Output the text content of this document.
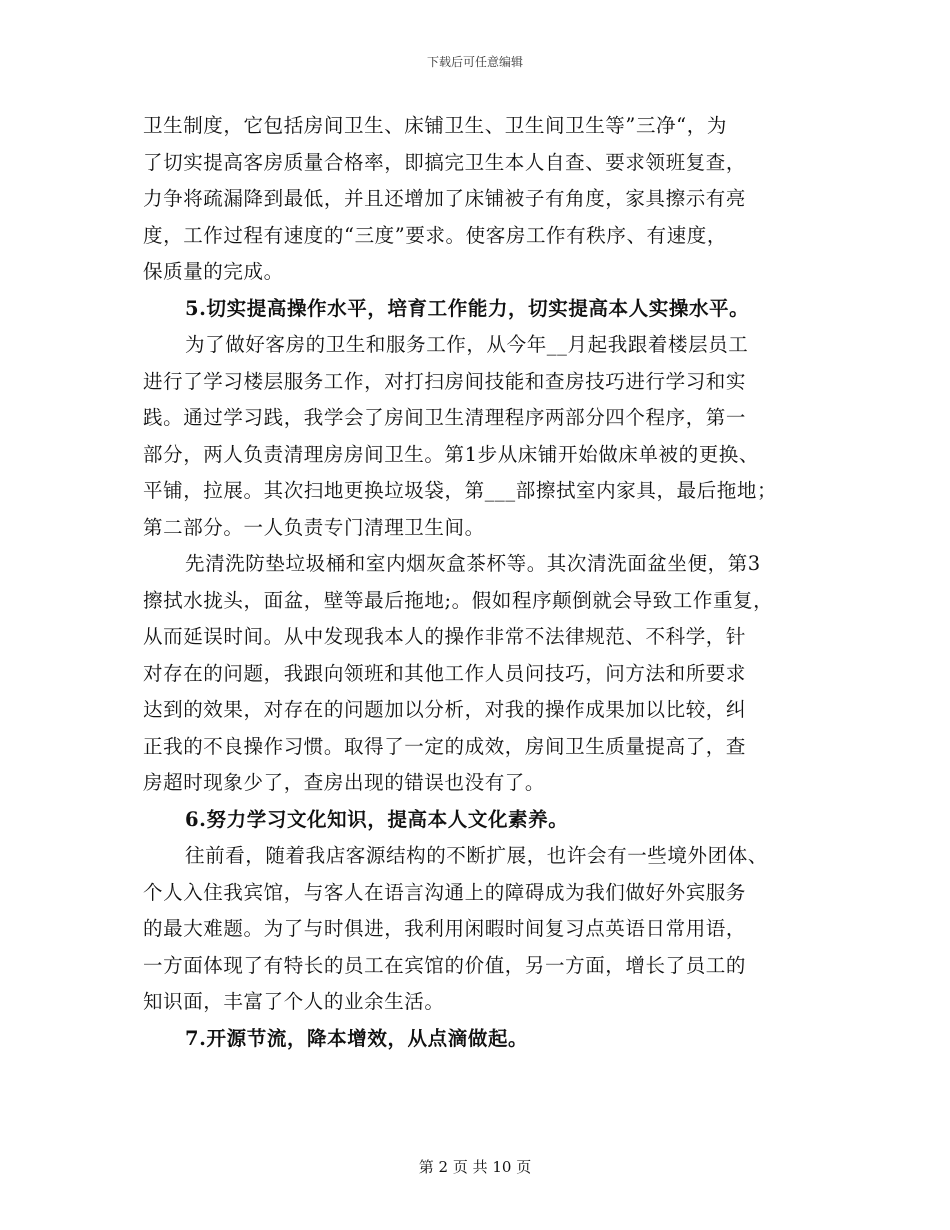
下载后可任意编辑
卫生制度，它包括房间卫生、床铺卫生、卫生间卫生等”三净“，为
了切实提高客房质量合格率，即搞完卫生本人自查、要求领班复查，
力争将疏漏降到最低，并且还增加了床铺被子有角度，家具擦示有亮
度，工作过程有速度的“三度”要求。使客房工作有秩序、有速度，
保质量的完成。
5.切实提高操作水平，培育工作能力，切实提高本人实操水平。
为了做好客房的卫生和服务工作，从今年__月起我跟着楼层员工
进行了学习楼层服务工作，对打扫房间技能和查房技巧进行学习和实
践。通过学习践，我学会了房间卫生清理程序两部分四个程序，第一
部分，两人负责清理房房间卫生。第1步从床铺开始做床单被的更换、
平铺，拉展。其次扫地更换垃圾袋，第___部擦拭室内家具，最后拖地；
第二部分。一人负责专门清理卫生间。
先清洗防垫垃圾桶和室内烟灰盒茶杯等。其次清洗面盆坐便，第3
擦拭水拢头，面盆，壁等最后拖地;。假如程序颠倒就会导致工作重复，
从而延误时间。从中发现我本人的操作非常不法律规范、不科学，针
对存在的问题，我跟向领班和其他工作人员问技巧，问方法和所要求
达到的效果，对存在的问题加以分析，对我的操作成果加以比较，纠
正我的不良操作习惯。取得了一定的成效，房间卫生质量提高了，查
房超时现象少了，查房出现的错误也没有了。
6.努力学习文化知识，提高本人文化素养。
往前看，随着我店客源结构的不断扩展，也许会有一些境外团体、
个人入住我宾馆，与客人在语言沟通上的障碍成为我们做好外宾服务
的最大难题。为了与时俱进，我利用闲暇时间复习点英语日常用语，
一方面体现了有特长的员工在宾馆的价值，另一方面，增长了员工的
知识面，丰富了个人的业余生活。
7.开源节流，降本增效，从点滴做起。
第 2 页 共 10 页
